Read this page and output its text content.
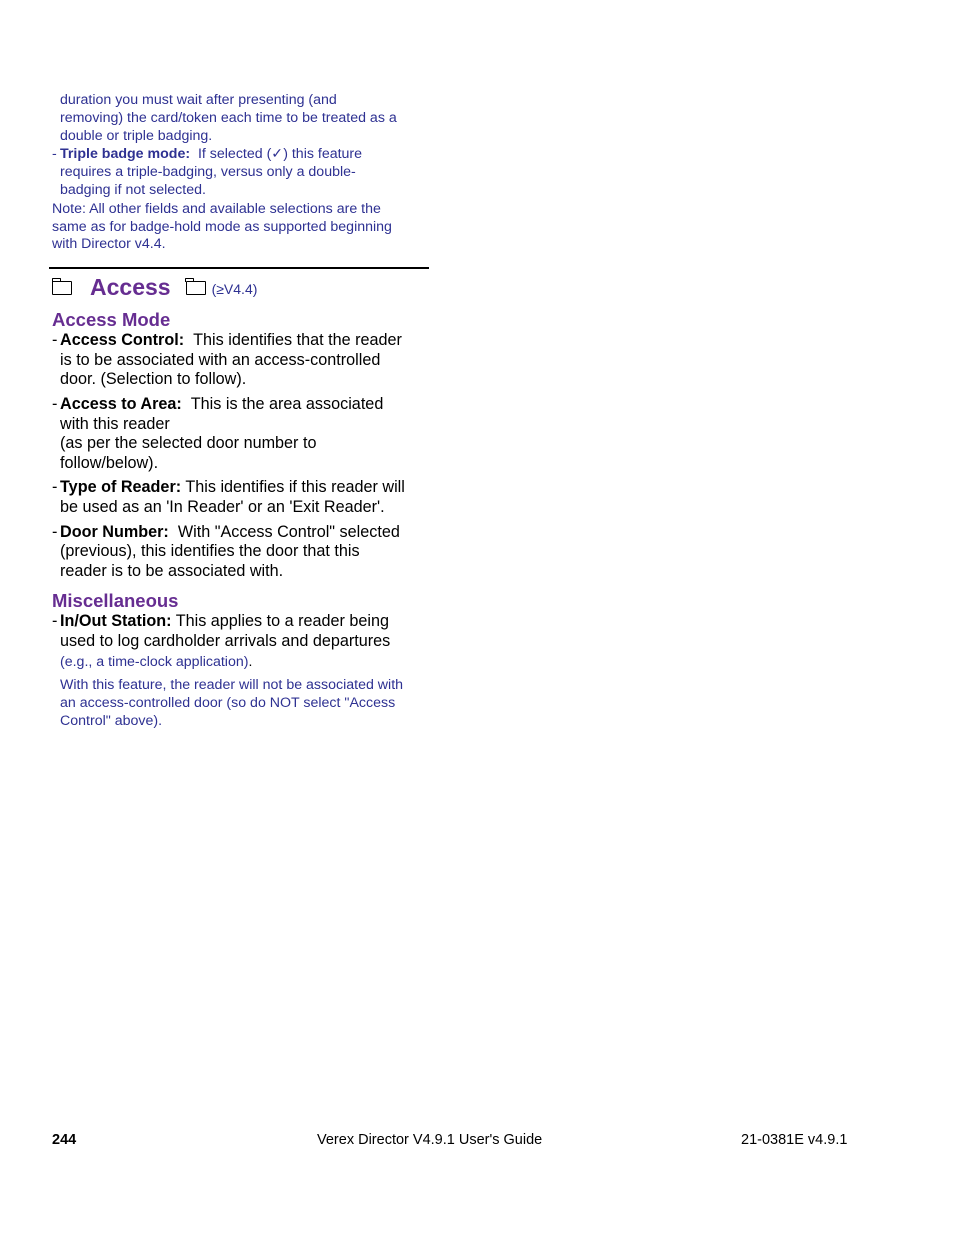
duration you must wait after presenting (and
removing) the card/token each time to be treated as a
double or triple badging.
- Triple badge mode: If selected (✓) this feature
requires a triple-badging, versus only a double-
badging if not selected.
Note: All other fields and available selections are the
same as for badge-hold mode as supported beginning
with Director v4.4.
Access	(≥V4.4)
Access Mode
- Access Control: This identifies that the reader
is to be associated with an access-controlled
door. (Selection to follow).
- Access to Area: This is the area associated
with this reader
(as per the selected door number to
follow/below).
- Type of Reader: This identifies if this reader will
be used as an 'In Reader' or an 'Exit Reader'.
- Door Number: With "Access Control" selected
(previous), this identifies the door that this
reader is to be associated with.
Miscellaneous
- In/Out Station: This applies to a reader being
used to log cardholder arrivals and departures
(e.g., a time-clock application).
With this feature, the reader will not be associated with
an access-controlled door (so do NOT select "Access
Control" above).
244	Verex Director V4.9.1 User's Guide	21-0381E v4.9.1
